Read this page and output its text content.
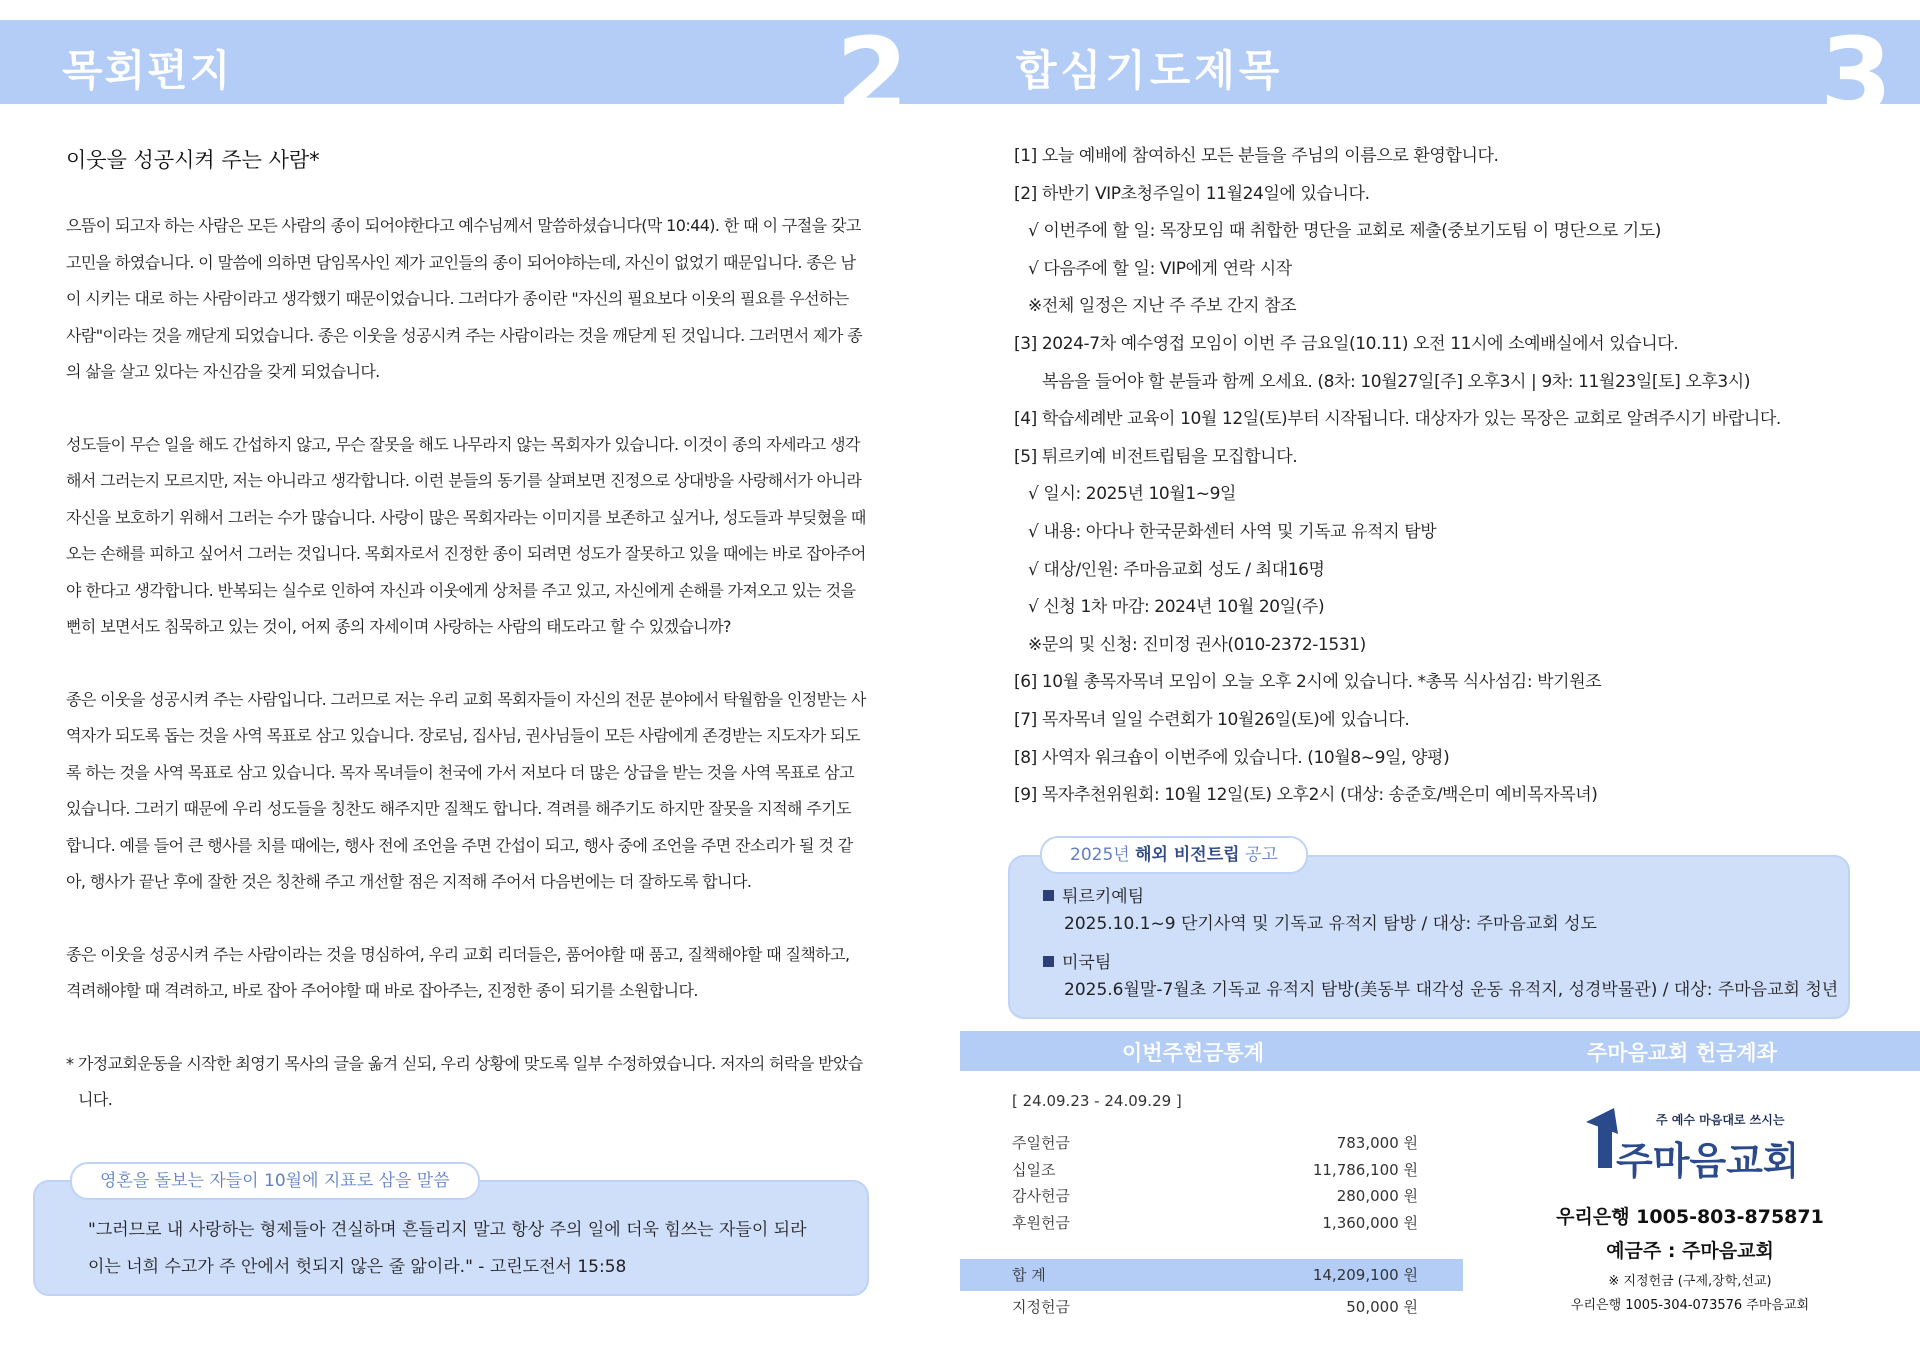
목회편지	2	합심기도제목	3
이웃을 성공시켜 주는 사람*

으뜸이 되고자 하는 사람은 모든 사람의 종이 되어야한다고 예수님께서 말씀하셨습니다(막 10:44). 한 때 이 구절을 갖고 고민을 하였습니다. 이 말씀에 의하면 담임목사인 제가 교인들의 종이 되어야하는데, 자신이 없었기 때문입니다. 종은 남이 시키는 대로 하는 사람이라고 생각했기 때문이었습니다. 그러다가 종이란 "자신의 필요보다 이웃의 필요를 우선하는 사람"이라는 것을 깨닫게 되었습니다. 종은 이웃을 성공시켜 주는 사람이라는 것을 깨닫게 된 것입니다. 그러면서 제가 종의 삶을 살고 있다는 자신감을 갖게 되었습니다.

성도들이 무슨 일을 해도 간섭하지 않고, 무슨 잘못을 해도 나무라지 않는 목회자가 있습니다. 이것이 종의 자세라고 생각해서 그러는지 모르지만, 저는 아니라고 생각합니다. 이런 분들의 동기를 살펴보면 진정으로 상대방을 사랑해서가 아니라 자신을 보호하기 위해서 그러는 수가 많습니다. 사랑이 많은 목회자라는 이미지를 보존하고 싶거나, 성도들과 부딪혔을 때 오는 손해를 피하고 싶어서 그러는 것입니다. 목회자로서 진정한 종이 되려면 성도가 잘못하고 있을 때에는 바로 잡아주어야 한다고 생각합니다. 반복되는 실수로 인하여 자신과 이웃에게 상처를 주고 있고, 자신에게 손해를 가져오고 있는 것을 뻔히 보면서도 침묵하고 있는 것이, 어찌 종의 자세이며 사랑하는 사람의 태도라고 할 수 있겠습니까?

종은 이웃을 성공시켜 주는 사람입니다. 그러므로 저는 우리 교회 목회자들이 자신의 전문 분야에서 탁월함을 인정받는 사역자가 되도록 돕는 것을 사역 목표로 삼고 있습니다. 장로님, 집사님, 권사님들이 모든 사람에게 존경받는 지도자가 되도록 하는 것을 사역 목표로 삼고 있습니다. 목자 목녀들이 천국에 가서 저보다 더 많은 상급을 받는 것을 사역 목표로 삼고 있습니다. 그러기 때문에 우리 성도들을 칭찬도 해주지만 질책도 합니다. 격려를 해주기도 하지만 잘못을 지적해 주기도 합니다. 예를 들어 큰 행사를 치를 때에는, 행사 전에 조언을 주면 간섭이 되고, 행사 중에 조언을 주면 잔소리가 될 것 같아, 행사가 끝난 후에 잘한 것은 칭찬해 주고 개선할 점은 지적해 주어서 다음번에는 더 잘하도록 합니다.

종은 이웃을 성공시켜 주는 사람이라는 것을 명심하여, 우리 교회 리더들은, 품어야할 때 품고, 질책해야할 때 질책하고, 격려해야할 때 격려하고, 바로 잡아 주어야할 때 바로 잡아주는, 진정한 종이 되기를 소원합니다.

* 가정교회운동을 시작한 최영기 목사의 글을 옮겨 싣되, 우리 상황에 맞도록 일부 수정하였습니다. 저자의 허락을 받았습니다.

영혼을 돌보는 자들이 10월에 지표로 삼을 말씀
"그러므로 내 사랑하는 형제들아 견실하며 흔들리지 말고 항상 주의 일에 더욱 힘쓰는 자들이 되라
이는 너희 수고가 주 안에서 헛되지 않은 줄 앎이라." - 고린도전서 15:58
[1] 오늘 예배에 참여하신 모든 분들을 주님의 이름으로 환영합니다.
[2] 하반기 VIP초청주일이 11월24일에 있습니다.
√ 이번주에 할 일: 목장모임 때 취합한 명단을 교회로 제출(중보기도팀 이 명단으로 기도)
√ 다음주에 할 일: VIP에게 연락 시작
※전체 일정은 지난 주 주보 간지 참조
[3] 2024-7차 예수영접 모임이 이번 주 금요일(10.11) 오전 11시에 소예배실에서 있습니다.
복음을 들어야 할 분들과 함께 오세요. (8차: 10월27일[주] 오후3시 | 9차: 11월23일[토] 오후3시)
[4] 학습세례반 교육이 10월 12일(토)부터 시작됩니다. 대상자가 있는 목장은 교회로 알려주시기 바랍니다.
[5] 튀르키예 비전트립팀을 모집합니다.
√ 일시: 2025년 10월1~9일
√ 내용: 아다나 한국문화센터 사역 및 기독교 유적지 탐방
√ 대상/인원: 주마음교회 성도 / 최대16명
√ 신청 1차 마감: 2024년 10월 20일(주)
※문의 및 신청: 진미정 권사(010-2372-1531)
[6] 10월 총목자목녀 모임이 오늘 오후 2시에 있습니다. *총목 식사섬김: 박기원조
[7] 목자목녀 일일 수련회가 10월26일(토)에 있습니다.
[8] 사역자 워크숍이 이번주에 있습니다. (10월8~9일, 양평)
[9] 목자추천위원회: 10월 12일(토) 오후2시 (대상: 송준호/백은미 예비목자목녀)
2025년 해외 비전트립 공고
튀르키예팀
2025.10.1~9 단기사역 및 기독교 유적지 탐방 / 대상: 주마음교회 성도
미국팀
2025.6월말-7월초 기독교 유적지 탐방(美동부 대각성 운동 유적지, 성경박물관) / 대상: 주마음교회 청년
이번주헌금통계	주마음교회 헌금계좌
[ 24.09.23 - 24.09.29 ]
주일헌금	783,000 원
십일조	11,786,100 원
감사헌금	280,000 원
후원헌금	1,360,000 원
합 계	14,209,100 원
지정헌금	50,000 원
주 예수 마음대로 쓰시는
주마음교회
우리은행 1005-803-875871
예금주 : 주마음교회
※ 지정헌금 (구제,장학,선교)
우리은행 1005-304-073576 주마음교회
